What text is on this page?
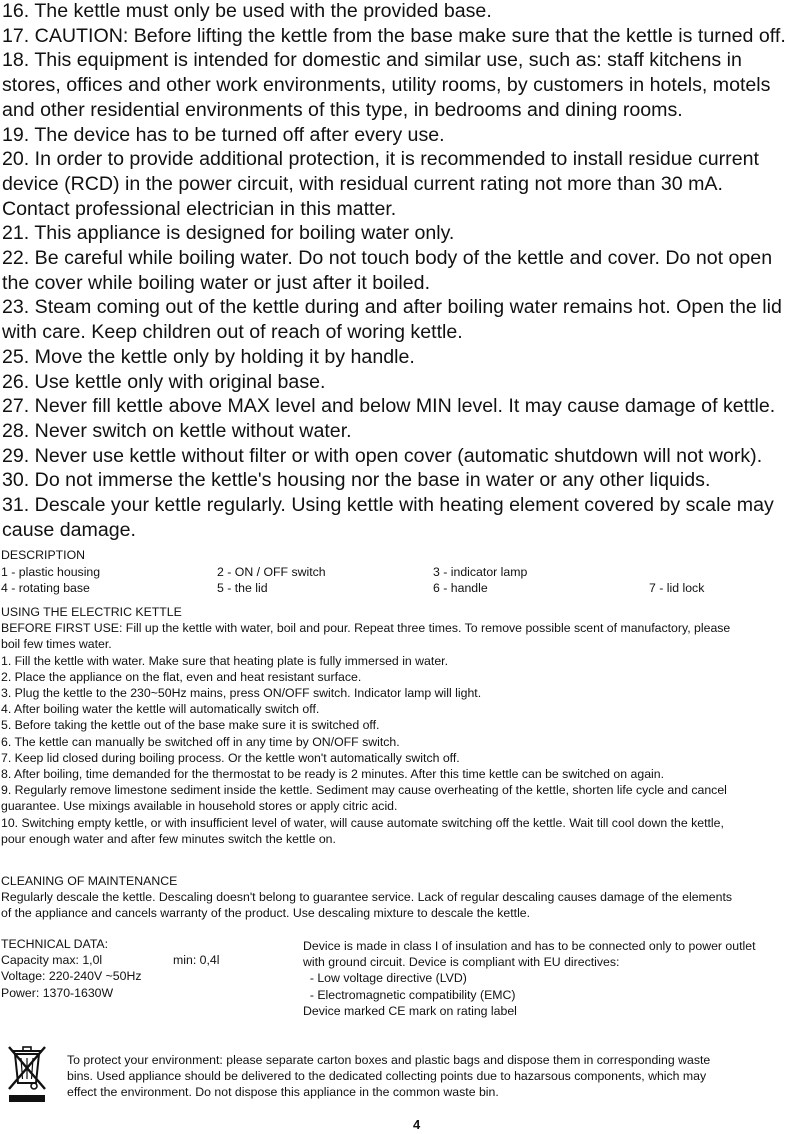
16. The kettle must only be used with the provided base.

17. CAUTION: Before lifting the kettle from the base make sure that the kettle is turned off.

18. This equipment is intended for domestic and similar use, such as: staff kitchens in

stores, offices and other work environments, utility rooms, by customers in hotels, motels

and other residential environments of this type, in bedrooms and dining rooms.

19. The device has to be turned off after every use.

20. In order to provide additional protection, it is recommended to install residue current

device (RCD) in the power circuit, with residual current rating not more than 30 mA.

Contact professional electrician in this matter.

21. This appliance is designed for boiling water only.

22. Be careful while boiling water. Do not touch body of the kettle and cover. Do not open

the cover while boiling water or just after it boiled.

23. Steam coming out of the kettle during and after boiling water remains hot. Open the lid

with care. Keep children out of reach of woring kettle.

25. Move the kettle only by holding it by handle.

26. Use kettle only with original base.

27. Never fill kettle above MAX level and below MIN level. It may cause damage of kettle.

28. Never switch on kettle without water.

29. Never use kettle without filter or with open cover (automatic shutdown will not work).

30. Do not immerse the kettle's housing nor the base in water or any other liquids.

31. Descale your kettle regularly. Using kettle with heating element covered by scale may

cause damage.

DESCRIPTION
1 - plastic housing	2 - ON / OFF switch	3 - indicator lamp
4 - rotating base	5 - the lid	6 - handle	7 - lid lock

USING THE ELECTRIC KETTLE

BEFORE FIRST USE: Fill up the kettle with water, boil and pour. Repeat three times. To remove possible scent of manufactory, please

boil few times water.

1. Fill the kettle with water. Make sure that heating plate is fully immersed in water.

2. Place the appliance on the flat, even and heat resistant surface.

3. Plug the kettle to the 230~50Hz mains, press ON/OFF switch. Indicator lamp will light.

4. After boiling water the kettle will automatically switch off.

5. Before taking the kettle out of the base make sure it is switched off.

6. The kettle can manually be switched off in any time by ON/OFF switch.

7. Keep lid closed during boiling process. Or the kettle won't automatically switch off.

8. After boiling, time demanded for the thermostat to be ready is 2 minutes. After this time kettle can be switched on again.

9. Regularly remove limestone sediment inside the kettle. Sediment may cause overheating of the kettle, shorten life cycle and cancel

guarantee. Use mixings available in household stores or apply citric acid.

10. Switching empty kettle, or with insufficient level of water, will cause automate switching off the kettle. Wait till cool down the kettle,

pour enough water and after few minutes switch the kettle on.

CLEANING OF MAINTENANCE

Regularly descale the kettle. Descaling doesn't belong to guarantee service. Lack of regular descaling causes damage of the elements

of the appliance and cancels warranty of the product. Use descaling mixture to descale the kettle.

TECHNICAL DATA:

Capacity max: 1,0l	min: 0,4l

Voltage: 220-240V ~50Hz

Power: 1370-1630W

Device is made in class I of insulation and has to be connected only to power outlet

with ground circuit. Device is compliant with EU directives:

- Low voltage directive (LVD)

- Electromagnetic compatibility (EMC)

Device marked CE mark on rating label

To protect your environment: please separate carton boxes and plastic bags and dispose them in corresponding waste

bins. Used appliance should be delivered to the dedicated collecting points due to hazarsous components, which may

effect the environment. Do not dispose this appliance in the common waste bin.

4
